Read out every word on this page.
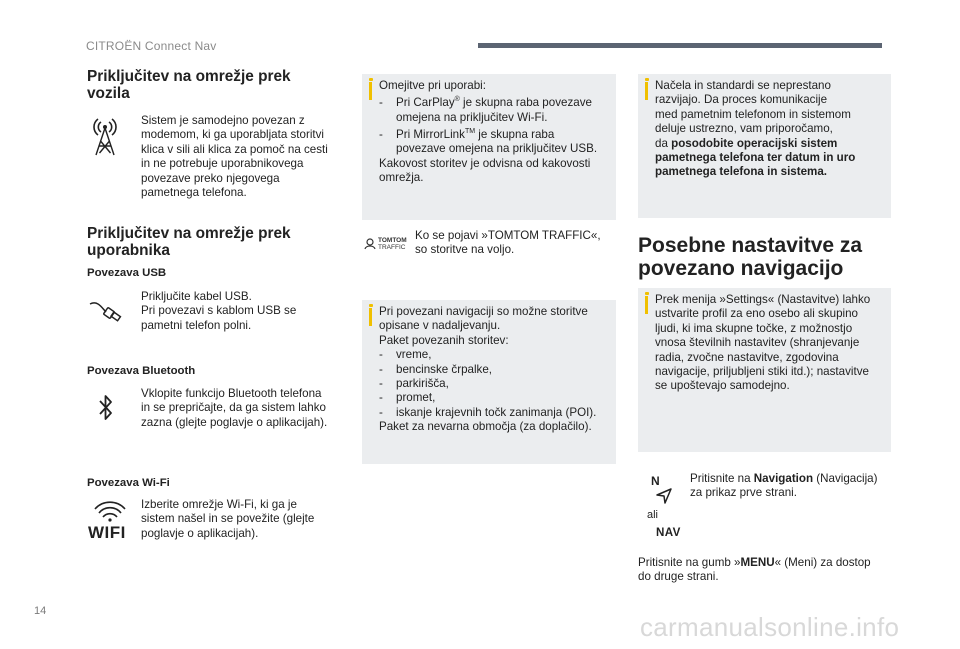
CITROËN Connect Nav
Priključitev na omrežje prek
vozila
Sistem je samodejno povezan z
modemom, ki ga uporabljata storitvi
klica v sili ali klica za pomoč na cesti
in ne potrebuje uporabnikovega
povezave preko njegovega
pametnega telefona.
Priključitev na omrežje prek
uporabnika
Povezava USB
Priključite kabel USB.
Pri povezavi s kablom USB se
pametni telefon polni.
Povezava Bluetooth
Vklopite funkcijo Bluetooth telefona
in se prepričajte, da ga sistem lahko
zazna (glejte poglavje o aplikacijah).
Povezava Wi-Fi
WIFI
Izberite omrežje Wi-Fi, ki ga je
sistem našel in se povežite (glejte
poglavje o aplikacijah).

Omejitve pri uporabi:

- Pri CarPlay® je skupna raba povezave
omejena na priključitev Wi-Fi.

- Pri MirrorLink™ je skupna raba
povezave omejena na priključitev USB.

Kakovost storitev je odvisna od kakovosti

omrežja.

TOMTOM
TRAFFIC
Ko se pojavi »TOMTOM TRAFFIC«,
so storitve na voljo.

Pri povezani navigaciji so možne storitve

opisane v nadaljevanju.

Paket povezanih storitev:

- vreme,

- bencinske črpalke,

- parkirišča,

- promet,

- iskanje krajevnih točk zanimanja (POI).

Paket za nevarna območja (za doplačilo).

Načela in standardi se neprestano

razvijajo. Da proces komunikacije

med pametnim telefonom in sistemom

deluje ustrezno, vam priporočamo,

da posodobite operacijski sistem

pametnega telefona ter datum in uro

pametnega telefona in sistema.

Posebne nastavitve za
povezano navigacijo

Prek menija »Settings« (Nastavitve) lahko

ustvarite profil za eno osebo ali skupino

ljudi, ki ima skupne točke, z možnostjo

vnosa številnih nastavitev (shranjevanje

radia, zvočne nastavitve, zgodovina

navigacije, priljubljeni stiki itd.); nastavitve

se upoštevajo samodejno.

N
ali
NAV
Pritisnite na Navigation (Navigacija)
za prikaz prve strani.
Pritisnite na gumb »MENU« (Meni) za dostop
do druge strani.
14
carmanualsonline.info
